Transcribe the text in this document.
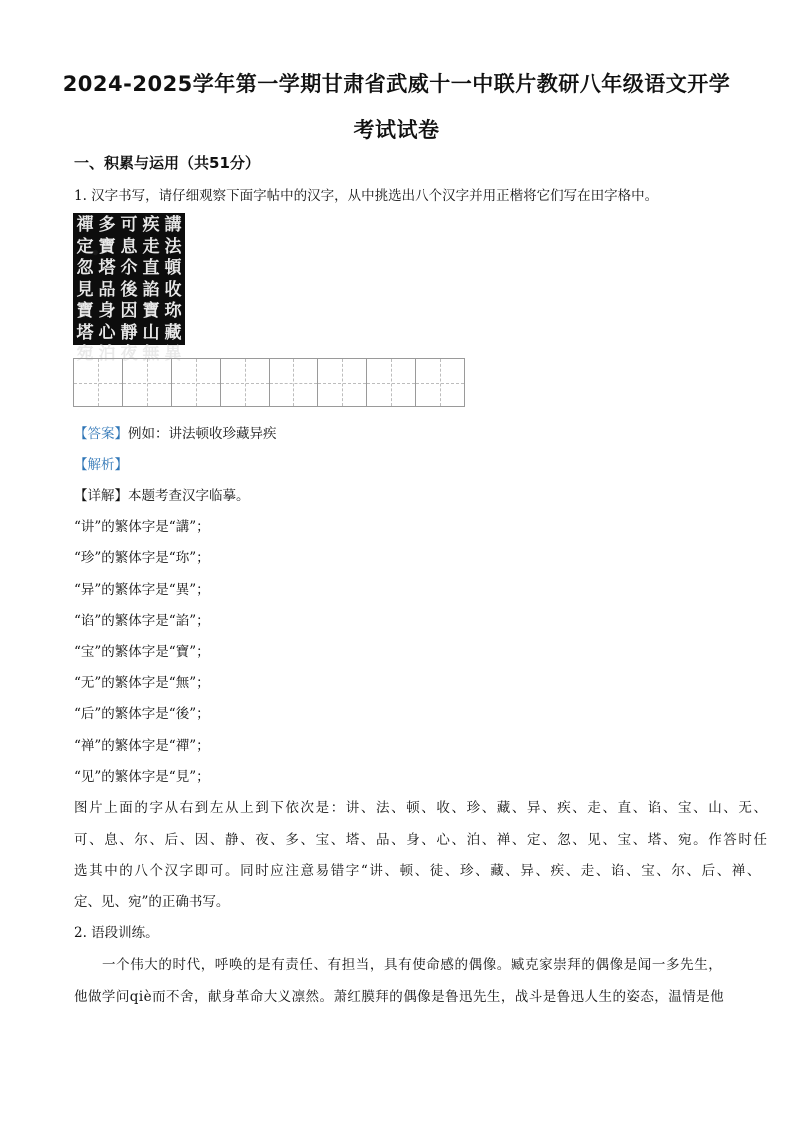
2024-2025学年第一学期甘肃省武威十一中联片教研八年级语文开学
考试试卷
一、积累与运用（共51分）
1. 汉字书写，请仔细观察下面字帖中的汉字，从中挑选出八个汉字并用正楷将它们写在田字格中。
講
法
頓
收
珎
藏
異
疾
走
直
諂
寶
山
無
可
息
尒
後
因
靜
夜
多
寶
塔
品
身
心
泊
禪
定
忽
見
寶
塔
宛
【答案】例如：讲法顿收珍藏异疾
【解析】
【详解】本题考查汉字临摹。
“讲”的繁体字是“講”；
“珍”的繁体字是“珎”；
“异”的繁体字是“異”；
“谄”的繁体字是“諂”；
“宝”的繁体字是“寶”；
“无”的繁体字是“無”；
“后”的繁体字是“後”；
“禅”的繁体字是“禪”；
“见”的繁体字是“見”；
图片上面的字从右到左从上到下依次是：讲、法、顿、收、珍、藏、异、疾、走、直、谄、宝、山、无、
可、息、尔、后、因、静、夜、多、宝、塔、品、身、心、泊、禅、定、忽、见、宝、塔、宛。作答时任
选其中的八个汉字即可。同时应注意易错字“讲、顿、徒、珍、藏、异、疾、走、谄、宝、尔、后、禅、
定、见、宛”的正确书写。
2. 语段训练。
一个伟大的时代，呼唤的是有责任、有担当，具有使命感的偶像。臧克家崇拜的偶像是闻一多先生，
他做学问qiè而不舍，献身革命大义凛然。萧红膜拜的偶像是鲁迅先生，战斗是鲁迅人生的姿态，温情是他
